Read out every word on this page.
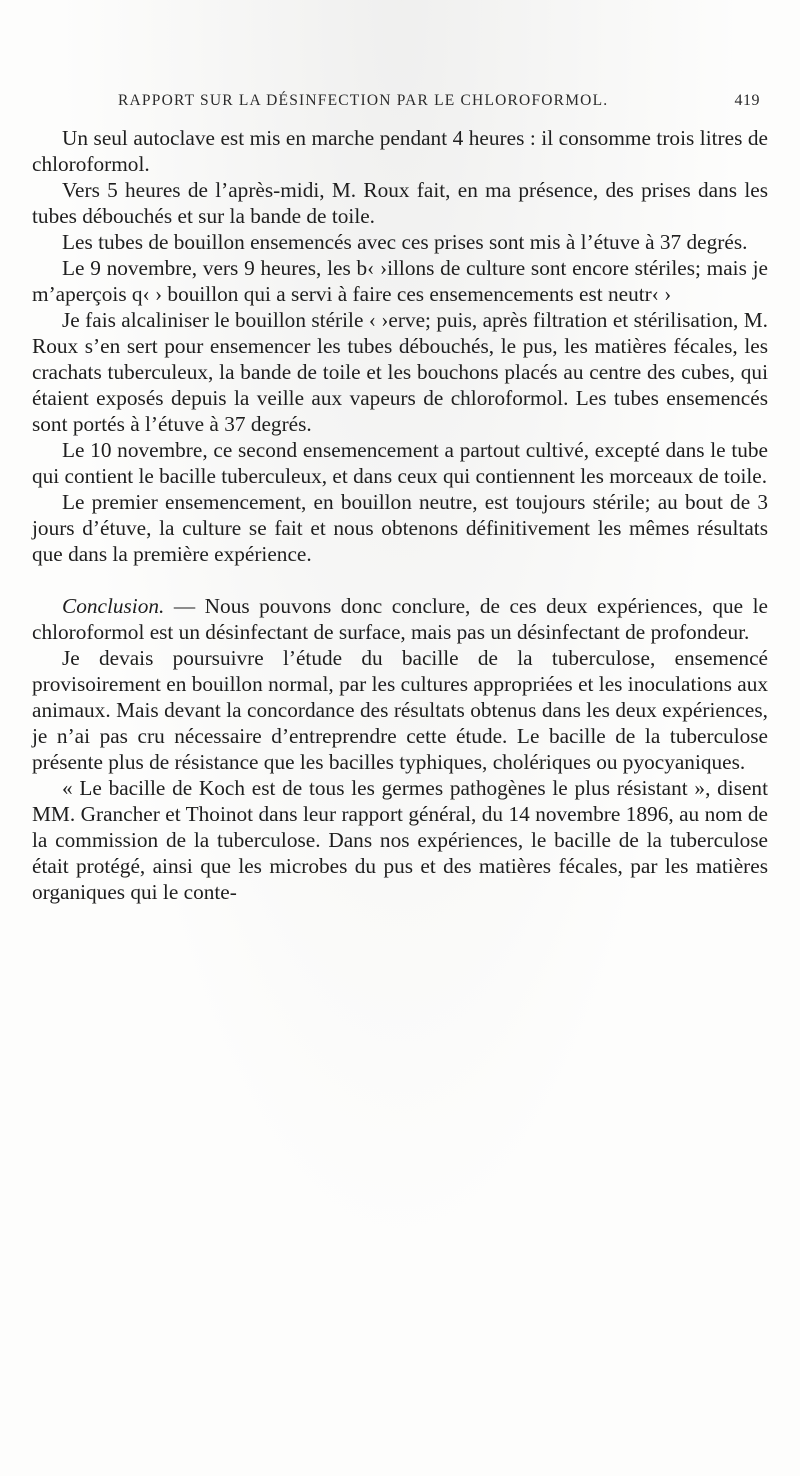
RAPPORT SUR LA DÉSINFECTION PAR LE CHLOROFORMOL.	419

Un seul autoclave est mis en marche pendant 4 heures : il consomme trois litres de chloroformol.

Vers 5 heures de l’après-midi, M. Roux fait, en ma présence, des prises dans les tubes débouchés et sur la bande de toile.

Les tubes de bouillon ensemencés avec ces prises sont mis à l’étuve à 37 degrés.

Le 9 novembre, vers 9 heures, les b‹ ›illons de culture sont encore stériles; mais je m’aperçois q‹ › bouillon qui a servi à faire ces ensemencements est neutr‹ ›

Je fais alcaliniser le bouillon stérile ‹ ›erve; puis, après filtration et stérilisation, M. Roux s’en sert pour ensemencer les tubes débouchés, le pus, les matières fécales, les crachats tuberculeux, la bande de toile et les bouchons placés au centre des cubes, qui étaient exposés depuis la veille aux vapeurs de chloroformol. Les tubes ensemencés sont portés à l’étuve à 37 degrés.

Le 10 novembre, ce second ensemencement a partout cultivé, excepté dans le tube qui contient le bacille tuberculeux, et dans ceux qui contiennent les morceaux de toile.

Le premier ensemencement, en bouillon neutre, est toujours stérile; au bout de 3 jours d’étuve, la culture se fait et nous obtenons définitivement les mêmes résultats que dans la première expérience.

Conclusion. — Nous pouvons donc conclure, de ces deux expériences, que le chloroformol est un désinfectant de surface, mais pas un désinfectant de profondeur.

Je devais poursuivre l’étude du bacille de la tuberculose, ensemencé provisoirement en bouillon normal, par les cultures appropriées et les inoculations aux animaux. Mais devant la concordance des résultats obtenus dans les deux expériences, je n’ai pas cru nécessaire d’entreprendre cette étude. Le bacille de la tuberculose présente plus de résistance que les bacilles typhiques, cholériques ou pyocyaniques.

« Le bacille de Koch est de tous les germes pathogènes le plus résistant », disent MM. Grancher et Thoinot dans leur rapport général, du 14 novembre 1896, au nom de la commission de la tuberculose. Dans nos expériences, le bacille de la tuberculose était protégé, ainsi que les microbes du pus et des matières fécales, par les matières organiques qui le conte-
